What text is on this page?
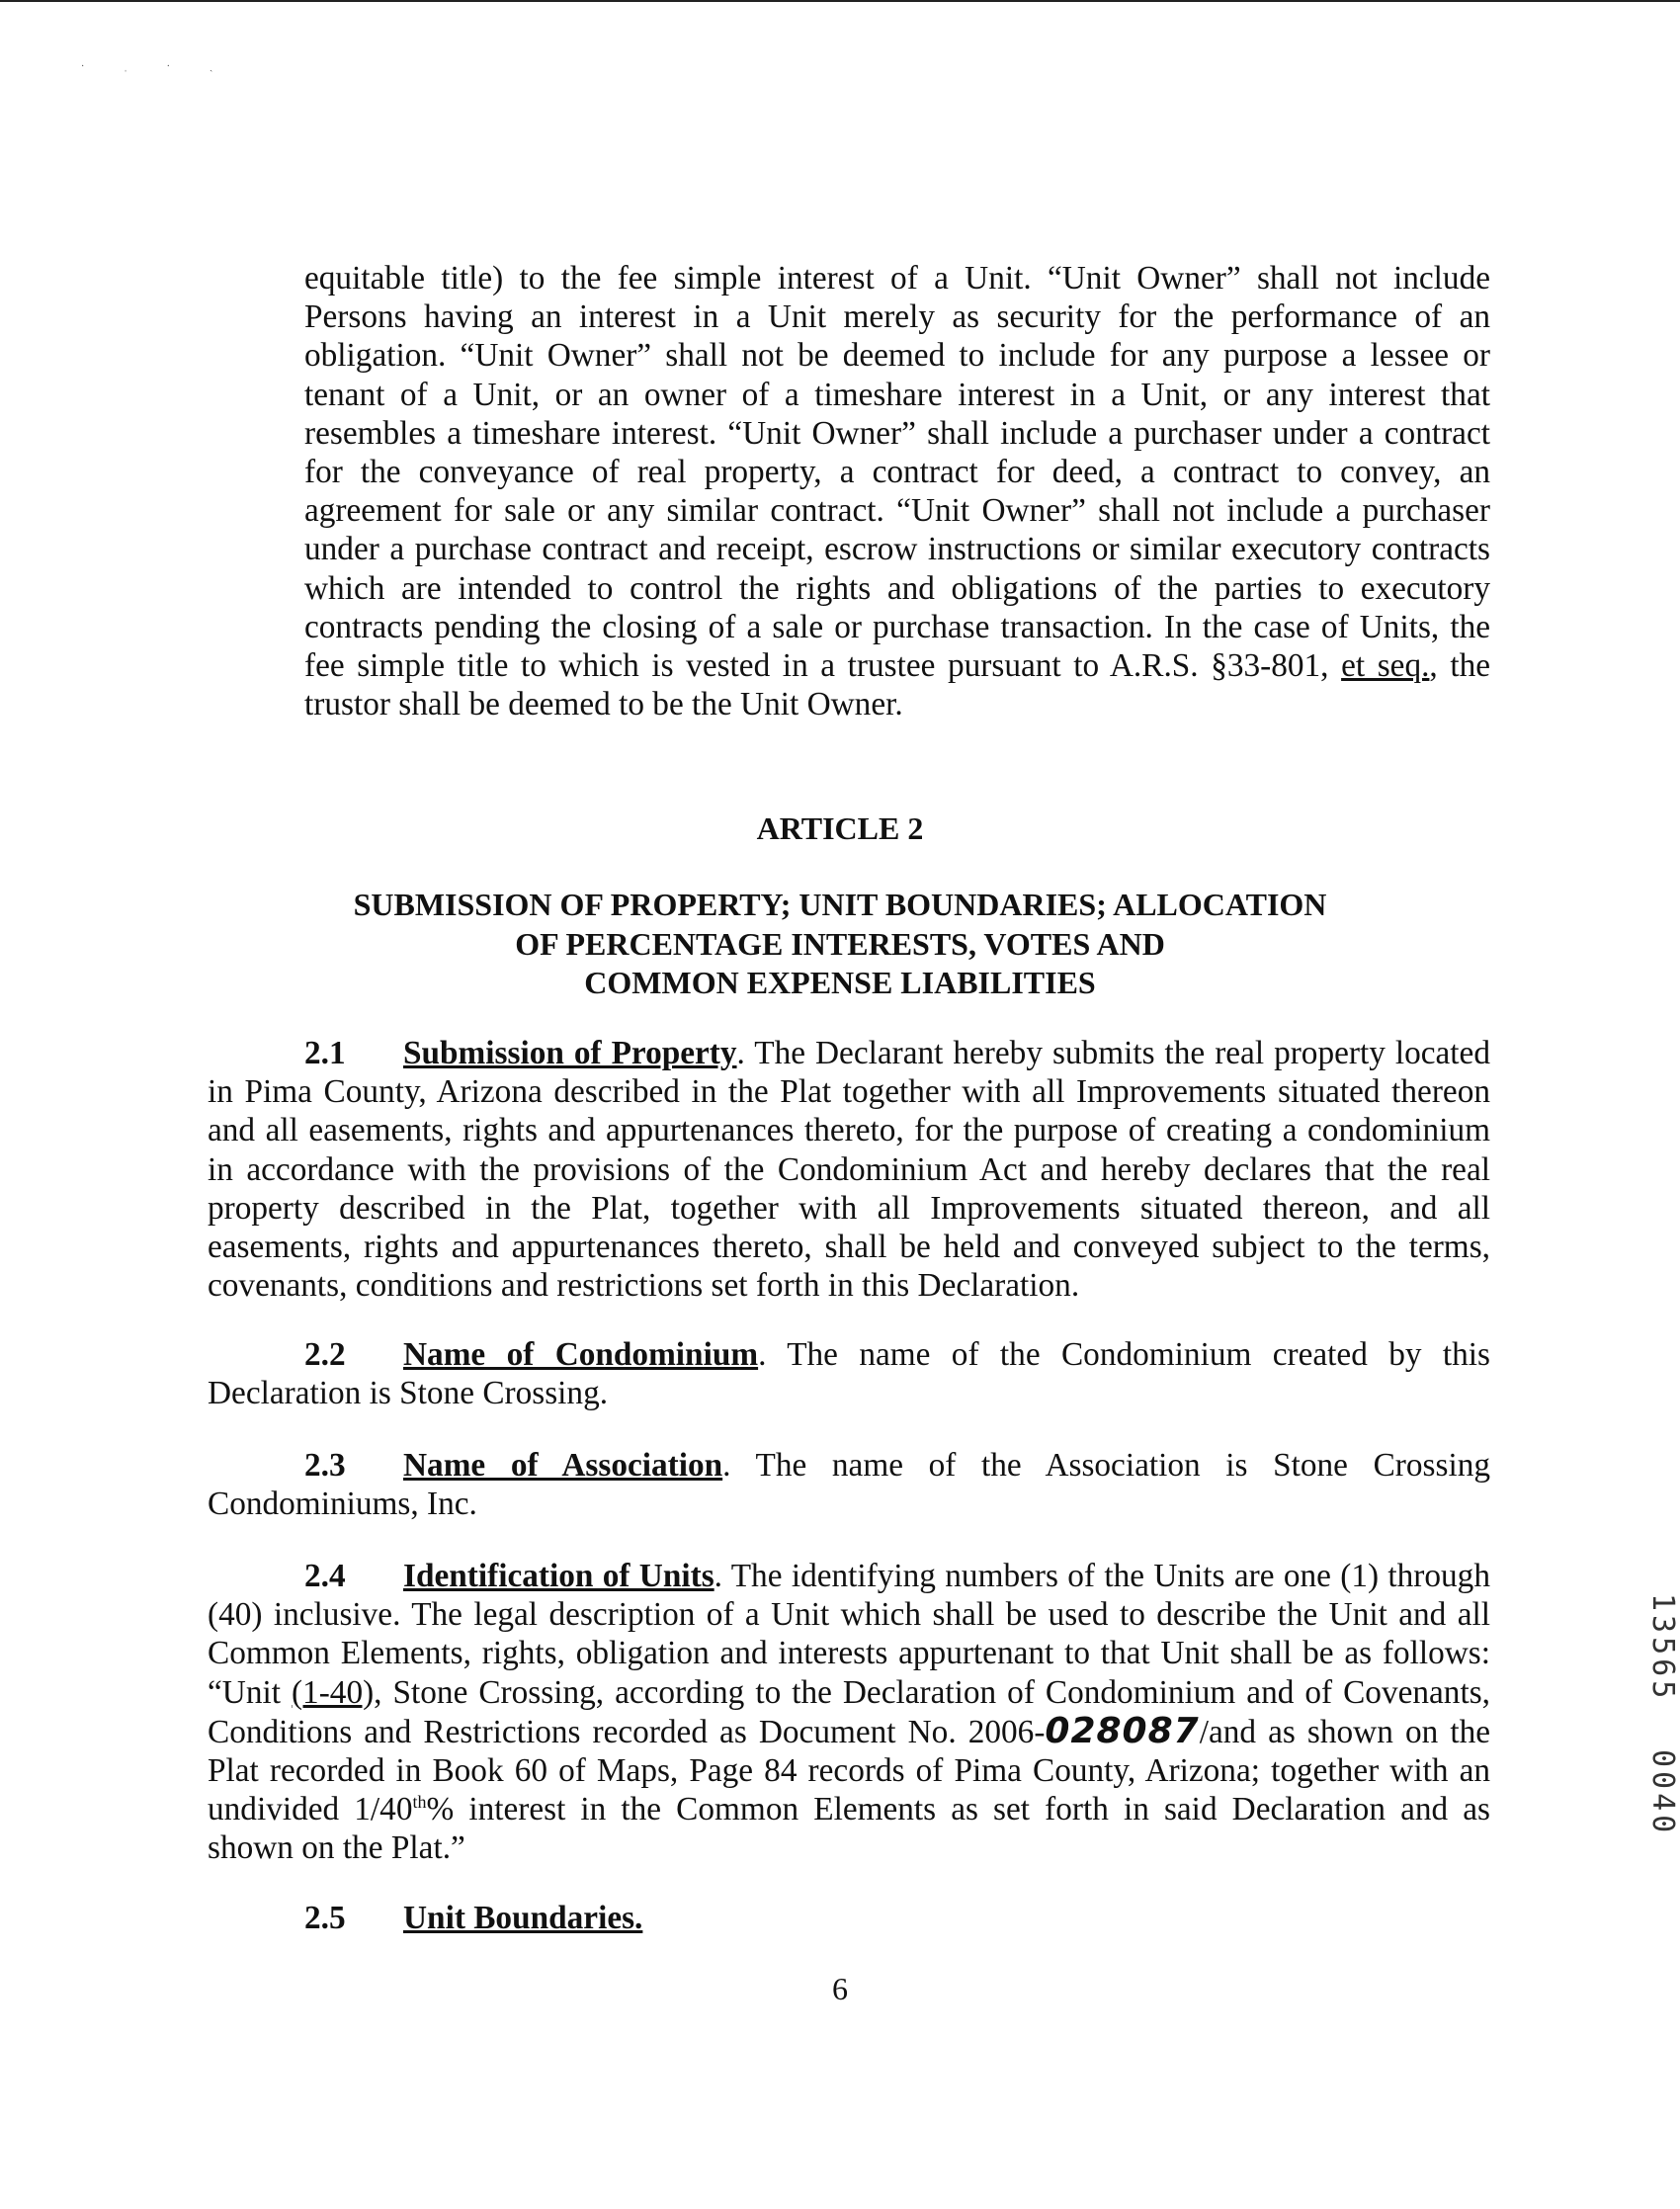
·ˌ·ˎ

equitable title) to the fee simple interest of a Unit. “Unit Owner” shall not include Persons having an interest in a Unit merely as security for the performance of an obligation. “Unit Owner” shall not be deemed to include for any purpose a lessee or tenant of a Unit, or an owner of a timeshare interest in a Unit, or any interest that resembles a timeshare interest. “Unit Owner” shall include a purchaser under a contract for the conveyance of real property, a contract for deed, a contract to convey, an agreement for sale or any similar contract. “Unit Owner” shall not include a purchaser under a purchase contract and receipt, escrow instructions or similar executory contracts which are intended to control the rights and obligations of the parties to executory contracts pending the closing of a sale or purchase transaction. In the case of Units, the fee simple title to which is vested in a trustee pursuant to A.R.S. §33-801, et seq., the trustor shall be deemed to be the Unit Owner.

ARTICLE 2
SUBMISSION OF PROPERTY; UNIT BOUNDARIES; ALLOCATION
OF PERCENTAGE INTERESTS, VOTES AND
COMMON EXPENSE LIABILITIES

2.1 Submission of Property. The Declarant hereby submits the real property located in Pima County, Arizona described in the Plat together with all Improvements situated thereon and all easements, rights and appurtenances thereto, for the purpose of creating a condominium in accordance with the provisions of the Condominium Act and hereby declares that the real property described in the Plat, together with all Improvements situated thereon, and all easements, rights and appurtenances thereto, shall be held and conveyed subject to the terms, covenants, conditions and restrictions set forth in this Declaration.

2.2 Name of Condominium. The name of the Condominium created by this Declaration is Stone Crossing.

2.3 Name of Association. The name of the Association is Stone Crossing Condominiums, Inc.

2.4 Identification of Units. The identifying numbers of the Units are one (1) through (40) inclusive. The legal description of a Unit which shall be used to describe the Unit and all Common Elements, rights, obligation and interests appurtenant to that Unit shall be as follows: “Unit (1-40), Stone Crossing, according to the Declaration of Condominium and of Covenants, Conditions and Restrictions recorded as Document No. 2006-028087/and as shown on the Plat recorded in Book 60 of Maps, Page 84 records of Pima County, Arizona; together with an undivided 1/40th% interest in the Common Elements as set forth in said Declaration and as shown on the Plat.”

2.5 Unit Boundaries.

6
13565 0040
